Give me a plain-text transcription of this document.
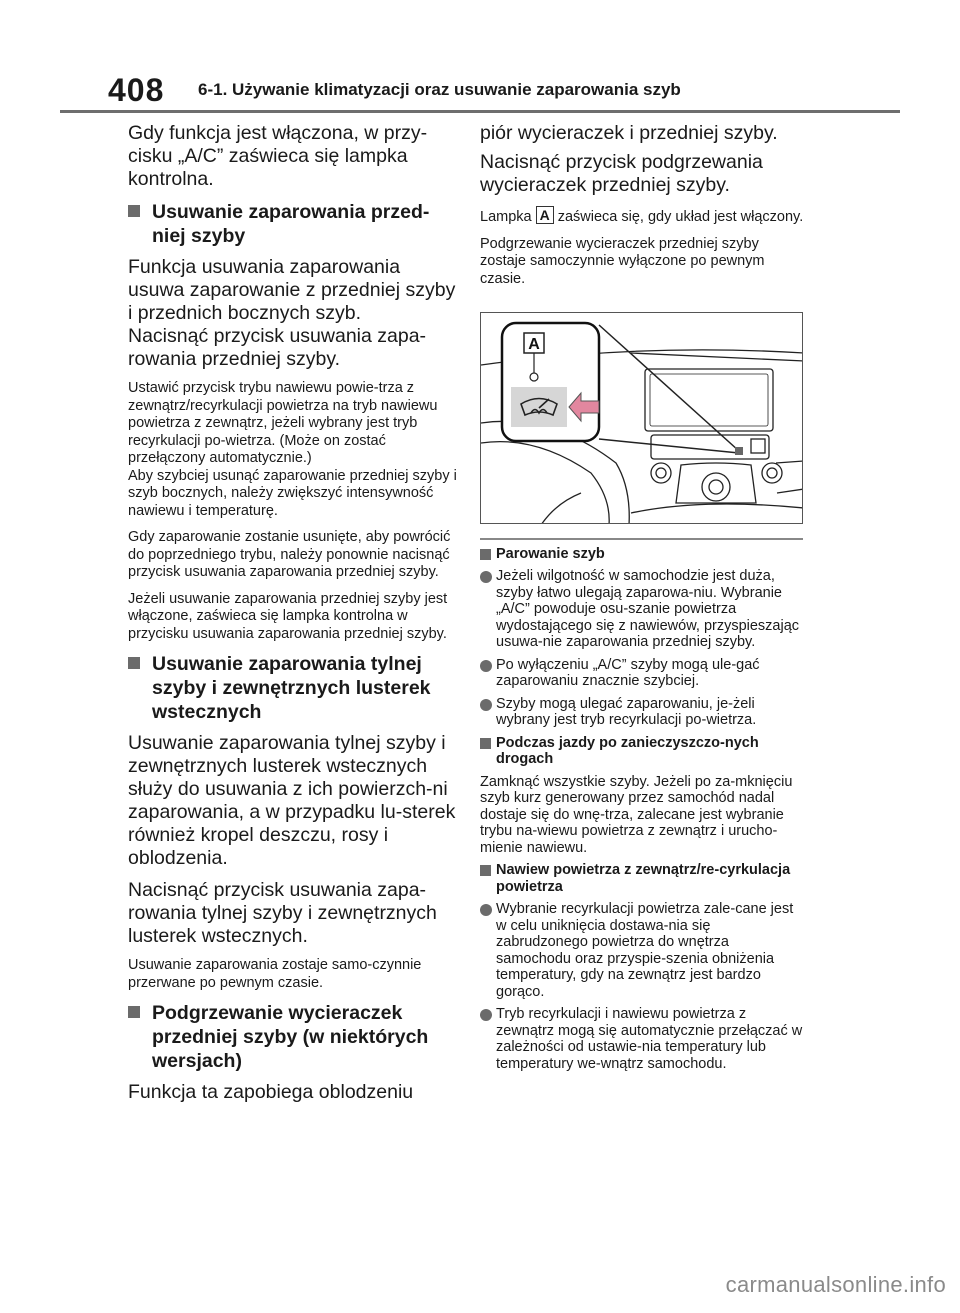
408 6-1. Używanie klimatyzacji oraz usuwanie zaparowania szyb

Gdy funkcja jest włączona, w przy-cisku „A/C” zaświeca się lampka kontrolna.

Usuwanie zaparowania przed-niej szyby

Funkcja usuwania zaparowania usuwa zaparowanie z przedniej szyby i przednich bocznych szyb.

Nacisnąć przycisk usuwania zapa-rowania przedniej szyby.

Ustawić przycisk trybu nawiewu powie-trza z zewnątrz/recyrkulacji powietrza na tryb nawiewu powietrza z zewnątrz, jeżeli wybrany jest tryb recyrkulacji po-wietrza. (Może on zostać przełączony automatycznie.)

Aby szybciej usunąć zaparowanie przedniej szyby i szyb bocznych, należy zwiększyć intensywność nawiewu i temperaturę.

Gdy zaparowanie zostanie usunięte, aby powrócić do poprzedniego trybu, należy ponownie nacisnąć przycisk usuwania zaparowania przedniej szyby.

Jeżeli usuwanie zaparowania przedniej szyby jest włączone, zaświeca się lampka kontrolna w przycisku usuwania zaparowania przedniej szyby.

Usuwanie zaparowania tylnej szyby i zewnętrznych lusterek wstecznych

Usuwanie zaparowania tylnej szyby i zewnętrznych lusterek wstecznych służy do usuwania z ich powierzch-ni zaparowania, a w przypadku lu-sterek również kropel deszczu, rosy i oblodzenia.

Nacisnąć przycisk usuwania zapa-rowania tylnej szyby i zewnętrznych lusterek wstecznych.

Usuwanie zaparowania zostaje samo-czynnie przerwane po pewnym czasie.

Podgrzewanie wycieraczek przedniej szyby (w niektórych wersjach)

Funkcja ta zapobiega oblodzeniu

piór wycieraczek i przedniej szyby.

Nacisnąć przycisk podgrzewania wycieraczek przedniej szyby.

Lampka A zaświeca się, gdy układ jest włączony.

Podgrzewanie wycieraczek przedniej szyby zostaje samoczynnie wyłączone po pewnym czasie.

A
Parowanie szyb
Jeżeli wilgotność w samochodzie jest duża, szyby łatwo ulegają zaparowa-niu. Wybranie „A/C” powoduje osu-szanie powietrza wydostającego się z nawiewów, przyspieszając usuwa-nie zaparowania przedniej szyby.
Po wyłączeniu „A/C” szyby mogą ule-gać zaparowaniu znacznie szybciej.
Szyby mogą ulegać zaparowaniu, je-żeli wybrany jest tryb recyrkulacji po-wietrza.
Podczas jazdy po zanieczyszczo-nych drogach

Zamknąć wszystkie szyby. Jeżeli po za-mknięciu szyb kurz generowany przez samochód nadal dostaje się do wnę-trza, zalecane jest wybranie trybu na-wiewu powietrza z zewnątrz i urucho-mienie nawiewu.

Nawiew powietrza z zewnątrz/re-cyrkulacja powietrza
Wybranie recyrkulacji powietrza zale-cane jest w celu uniknięcia dostawa-nia się zabrudzonego powietrza do wnętrza samochodu oraz przyspie-szenia obniżenia temperatury, gdy na zewnątrz jest bardzo gorąco.
Tryb recyrkulacji i nawiewu powietrza z zewnątrz mogą się automatycznie przełączać w zależności od ustawie-nia temperatury lub temperatury we-wnątrz samochodu.
carmanualsonline.info
